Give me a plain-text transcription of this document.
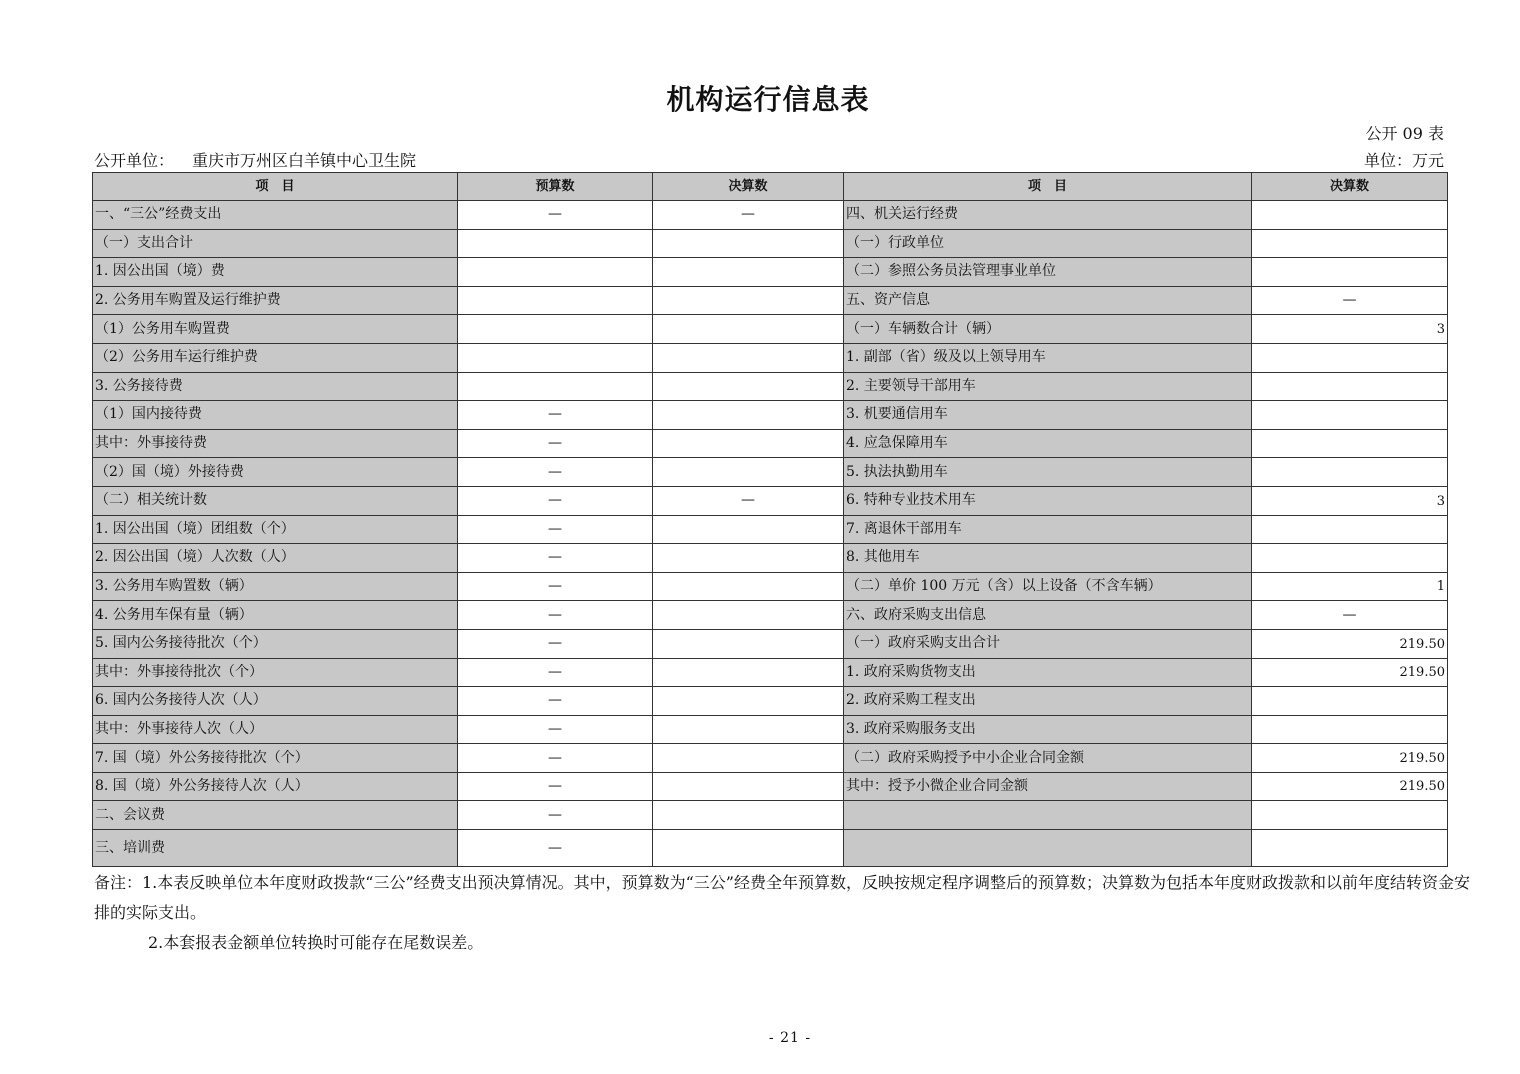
机构运行信息表
公开 09 表
公开单位： 重庆市万州区白羊镇中心卫生院	单位：万元
项　目	预算数	决算数	项　目	决算数
一、“三公”经费支出	—	—	四、机关运行经费	
（一）支出合计			（一）行政单位	
1. 因公出国（境）费			（二）参照公务员法管理事业单位	
2. 公务用车购置及运行维护费			五、资产信息	—
（1）公务用车购置费			（一）车辆数合计（辆）	3
（2）公务用车运行维护费			1. 副部（省）级及以上领导用车	
3. 公务接待费			2. 主要领导干部用车	
（1）国内接待费	—		3. 机要通信用车	
其中：外事接待费	—		4. 应急保障用车	
（2）国（境）外接待费	—		5. 执法执勤用车	
（二）相关统计数	—	—	6. 特种专业技术用车	3
1. 因公出国（境）团组数（个）	—		7. 离退休干部用车	
2. 因公出国（境）人次数（人）	—		8. 其他用车	
3. 公务用车购置数（辆）	—		（二）单价 100 万元（含）以上设备（不含车辆）	1
4. 公务用车保有量（辆）	—		六、政府采购支出信息	—
5. 国内公务接待批次（个）	—		（一）政府采购支出合计	219.50
其中：外事接待批次（个）	—		1. 政府采购货物支出	219.50
6. 国内公务接待人次（人）	—		2. 政府采购工程支出	
其中：外事接待人次（人）	—		3. 政府采购服务支出	
7. 国（境）外公务接待批次（个）	—		（二）政府采购授予中小企业合同金额	219.50
8. 国（境）外公务接待人次（人）	—		其中：授予小微企业合同金额	219.50
二、会议费	—			
三、培训费	—			
备注：1.本表反映单位本年度财政拨款“三公”经费支出预决算情况。其中，预算数为“三公”经费全年预算数，反映按规定程序调整后的预算数；决算数为包括本年度财政拨款和以前年度结转资金安排的实际支出。
2.本套报表金额单位转换时可能存在尾数误差。
- 21 -
